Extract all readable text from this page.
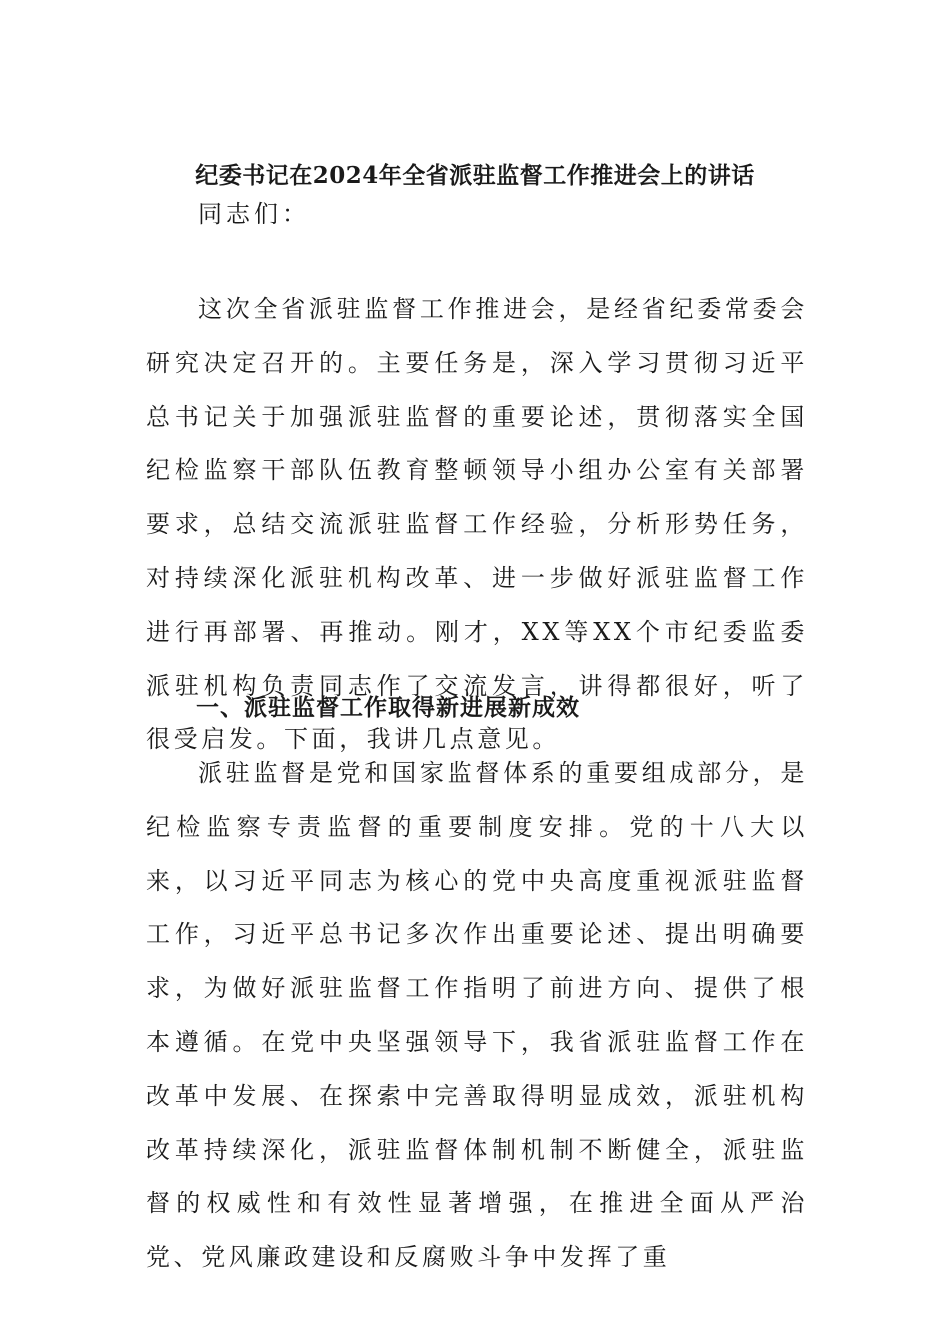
纪委书记在2024年全省派驻监督工作推进会上的讲话

同志们：

这次全省派驻监督工作推进会，是经省纪委常委会研究决定召开的。主要任务是，深入学习贯彻习近平总书记关于加强派驻监督的重要论述，贯彻落实全国纪检监察干部队伍教育整顿领导小组办公室有关部署要求，总结交流派驻监督工作经验，分析形势任务，对持续深化派驻机构改革、进一步做好派驻监督工作进行再部署、再推动。刚才，XX等XX个市纪委监委派驻机构负责同志作了交流发言，讲得都很好，听了很受启发。下面，我讲几点意见。

一、派驻监督工作取得新进展新成效

派驻监督是党和国家监督体系的重要组成部分，是纪检监察专责监督的重要制度安排。党的十八大以来，以习近平同志为核心的党中央高度重视派驻监督工作，习近平总书记多次作出重要论述、提出明确要求，为做好派驻监督工作指明了前进方向、提供了根本遵循。在党中央坚强领导下，我省派驻监督工作在改革中发展、在探索中完善取得明显成效，派驻机构改革持续深化，派驻监督体制机制不断健全，派驻监督的权威性和有效性显著增强，在推进全面从严治党、党风廉政建设和反腐败斗争中发挥了重
